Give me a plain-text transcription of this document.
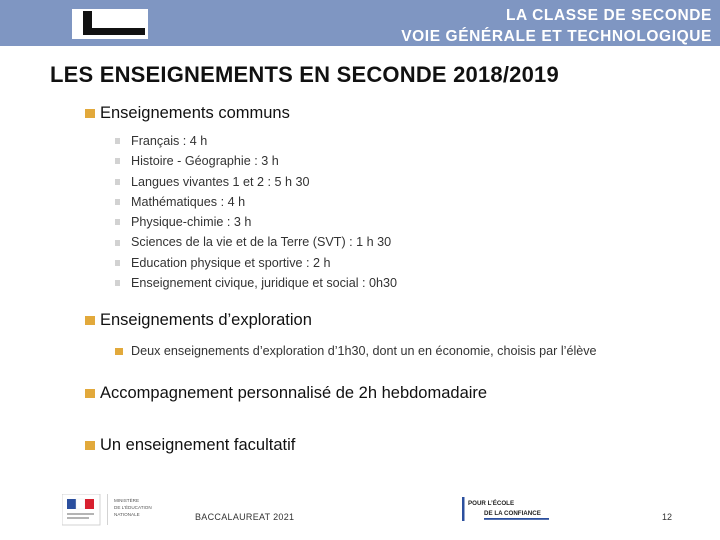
LA CLASSE DE SECONDE
VOIE GÉNÉRALE ET TECHNOLOGIQUE
LES ENSEIGNEMENTS EN SECONDE 2018/2019
Enseignements communs
Français : 4 h
Histoire - Géographie : 3 h
Langues vivantes 1 et 2 : 5 h 30
Mathématiques : 4 h
Physique-chimie : 3 h
Sciences de la vie et de la Terre (SVT) : 1 h 30
Education physique et sportive : 2 h
Enseignement civique, juridique et social : 0h30
Enseignements d’exploration
Deux enseignements d’exploration d’1h30, dont un en économie, choisis par l’élève
Accompagnement personnalisé de 2h hebdomadaire
Un enseignement facultatif
MINISTÈRE
DE L’ÉDUCATION
NATIONALE	BACCALAUREAT 2021
POUR L’ÉCOLE
DE LA CONFIANCE	12
